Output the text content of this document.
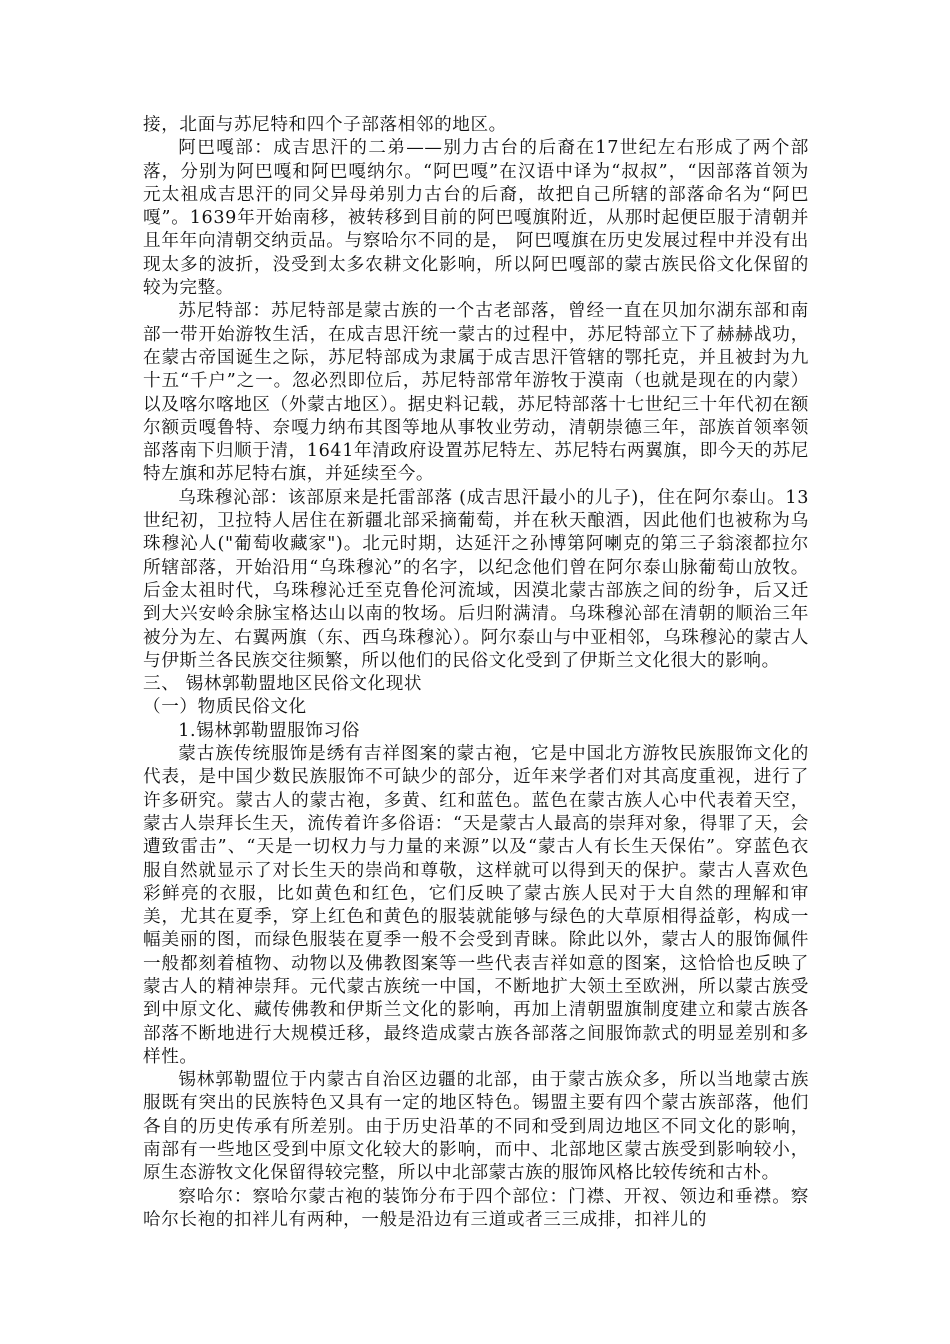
接，北面与苏尼特和四个子部落相邻的地区。

阿巴嘎部：成吉思汗的二弟——别力古台的后裔在17世纪左右形成了两个部落，分别为阿巴嘎和阿巴嘎纳尔。“阿巴嘎”在汉语中译为“叔叔”，“因部落首领为元太祖成吉思汗的同父异母弟别力古台的后裔，故把自己所辖的部落命名为“阿巴嘎”。1639年开始南移，被转移到目前的阿巴嘎旗附近，从那时起便臣服于清朝并且年年向清朝交纳贡品。与察哈尔不同的是， 阿巴嘎旗在历史发展过程中并没有出现太多的波折，没受到太多农耕文化影响，所以阿巴嘎部的蒙古族民俗文化保留的较为完整。

苏尼特部：苏尼特部是蒙古族的一个古老部落，曾经一直在贝加尔湖东部和南部一带开始游牧生活，在成吉思汗统一蒙古的过程中，苏尼特部立下了赫赫战功，在蒙古帝国诞生之际，苏尼特部成为隶属于成吉思汗管辖的鄂托克，并且被封为九十五“千户”之一。忽必烈即位后，苏尼特部常年游牧于漠南（也就是现在的内蒙）以及喀尔喀地区（外蒙古地区）。据史料记载，苏尼特部落十七世纪三十年代初在额尔额贡嘎鲁特、奈嘎力纳布其图等地从事牧业劳动，清朝崇德三年，部族首领率领部落南下归顺于清，1641年清政府设置苏尼特左、苏尼特右两翼旗，即今天的苏尼特左旗和苏尼特右旗，并延续至今。

乌珠穆沁部：该部原来是托雷部落 (成吉思汗最小的儿子)，住在阿尔泰山。13世纪初，卫拉特人居住在新疆北部采摘葡萄，并在秋天酿酒，因此他们也被称为乌珠穆沁人("葡萄收藏家")。北元时期，达延汗之孙博第阿喇克的第三子翁滚都拉尔所辖部落，开始沿用“乌珠穆沁”的名字，以纪念他们曾在阿尔泰山脉葡萄山放牧。后金太祖时代，乌珠穆沁迁至克鲁伦河流域，因漠北蒙古部族之间的纷争，后又迁到大兴安岭余脉宝格达山以南的牧场。后归附满清。乌珠穆沁部在清朝的顺治三年被分为左、右翼两旗（东、西乌珠穆沁）。阿尔泰山与中亚相邻，乌珠穆沁的蒙古人与伊斯兰各民族交往频繁，所以他们的民俗文化受到了伊斯兰文化很大的影响。

三、 锡林郭勒盟地区民俗文化现状

（一）物质民俗文化

1.锡林郭勒盟服饰习俗

蒙古族传统服饰是绣有吉祥图案的蒙古袍，它是中国北方游牧民族服饰文化的代表，是中国少数民族服饰不可缺少的部分，近年来学者们对其高度重视，进行了许多研究。蒙古人的蒙古袍，多黄、红和蓝色。蓝色在蒙古族人心中代表着天空，蒙古人崇拜长生天，流传着许多俗语：“天是蒙古人最高的崇拜对象，得罪了天，会遭致雷击”、“天是一切权力与力量的来源”以及“蒙古人有长生天保佑”。穿蓝色衣服自然就显示了对长生天的崇尚和尊敬，这样就可以得到天的保护。蒙古人喜欢色彩鲜亮的衣服，比如黄色和红色，它们反映了蒙古族人民对于大自然的理解和审美，尤其在夏季，穿上红色和黄色的服装就能够与绿色的大草原相得益彰，构成一幅美丽的图，而绿色服装在夏季一般不会受到青睐。除此以外，蒙古人的服饰佩件一般都刻着植物、动物以及佛教图案等一些代表吉祥如意的图案，这恰恰也反映了蒙古人的精神崇拜。元代蒙古族统一中国，不断地扩大领土至欧洲，所以蒙古族受到中原文化、藏传佛教和伊斯兰文化的影响，再加上清朝盟旗制度建立和蒙古族各部落不断地进行大规模迁移，最终造成蒙古族各部落之间服饰款式的明显差别和多样性。

锡林郭勒盟位于内蒙古自治区边疆的北部，由于蒙古族众多，所以当地蒙古族服既有突出的民族特色又具有一定的地区特色。锡盟主要有四个蒙古族部落，他们各自的历史传承有所差别。由于历史沿革的不同和受到周边地区不同文化的影响，南部有一些地区受到中原文化较大的影响，而中、北部地区蒙古族受到影响较小，原生态游牧文化保留得较完整，所以中北部蒙古族的服饰风格比较传统和古朴。

察哈尔：察哈尔蒙古袍的装饰分布于四个部位：门襟、开衩、领边和垂襟。察哈尔长袍的扣袢儿有两种，一般是沿边有三道或者三三成排，扣袢儿的
